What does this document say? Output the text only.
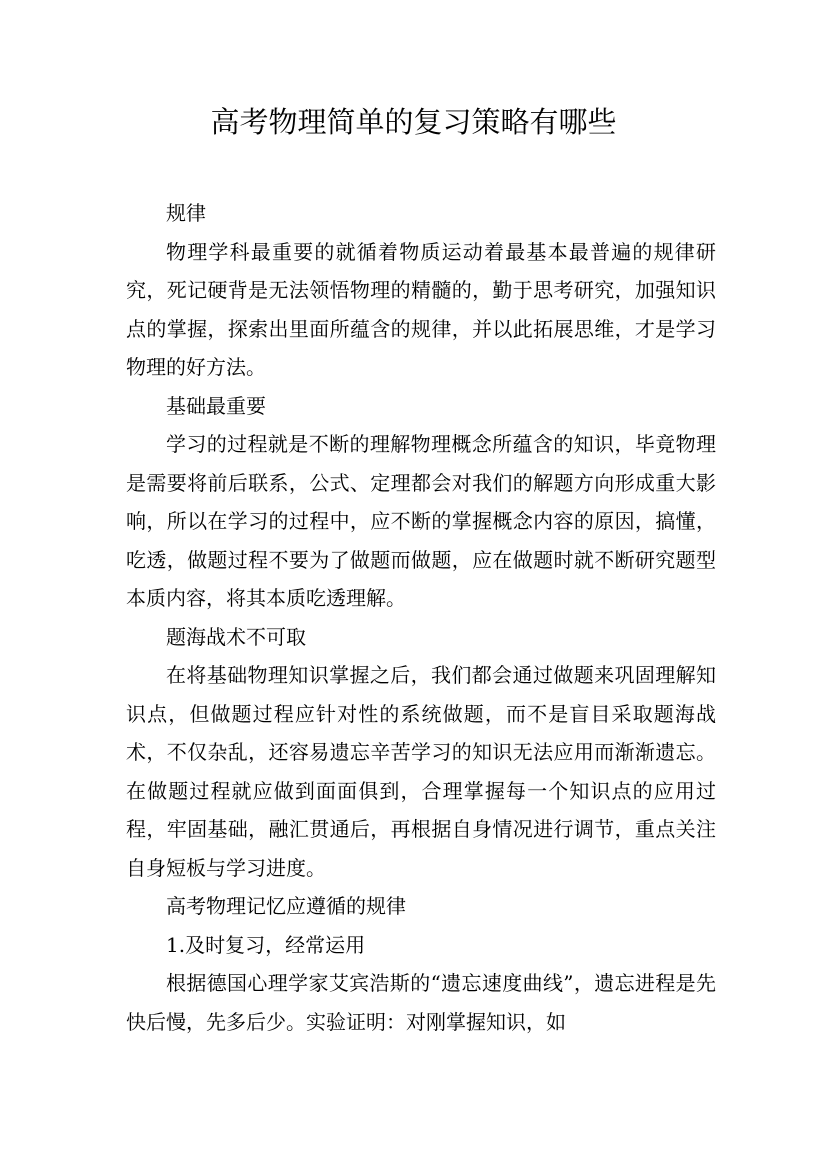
高考物理简单的复习策略有哪些

规律

物理学科最重要的就循着物质运动着最基本最普遍的规律研究，死记硬背是无法领悟物理的精髓的，勤于思考研究，加强知识点的掌握，探索出里面所蕴含的规律，并以此拓展思维，才是学习物理的好方法。

基础最重要

学习的过程就是不断的理解物理概念所蕴含的知识，毕竟物理是需要将前后联系，公式、定理都会对我们的解题方向形成重大影响，所以在学习的过程中，应不断的掌握概念内容的原因，搞懂，吃透，做题过程不要为了做题而做题，应在做题时就不断研究题型本质内容，将其本质吃透理解。

题海战术不可取

在将基础物理知识掌握之后，我们都会通过做题来巩固理解知识点，但做题过程应针对性的系统做题，而不是盲目采取题海战术，不仅杂乱，还容易遗忘辛苦学习的知识无法应用而渐渐遗忘。在做题过程就应做到面面俱到，合理掌握每一个知识点的应用过程，牢固基础，融汇贯通后，再根据自身情况进行调节，重点关注自身短板与学习进度。

高考物理记忆应遵循的规律

1.及时复习，经常运用

根据德国心理学家艾宾浩斯的“遗忘速度曲线”，遗忘进程是先快后慢，先多后少。实验证明：对刚掌握知识，如
